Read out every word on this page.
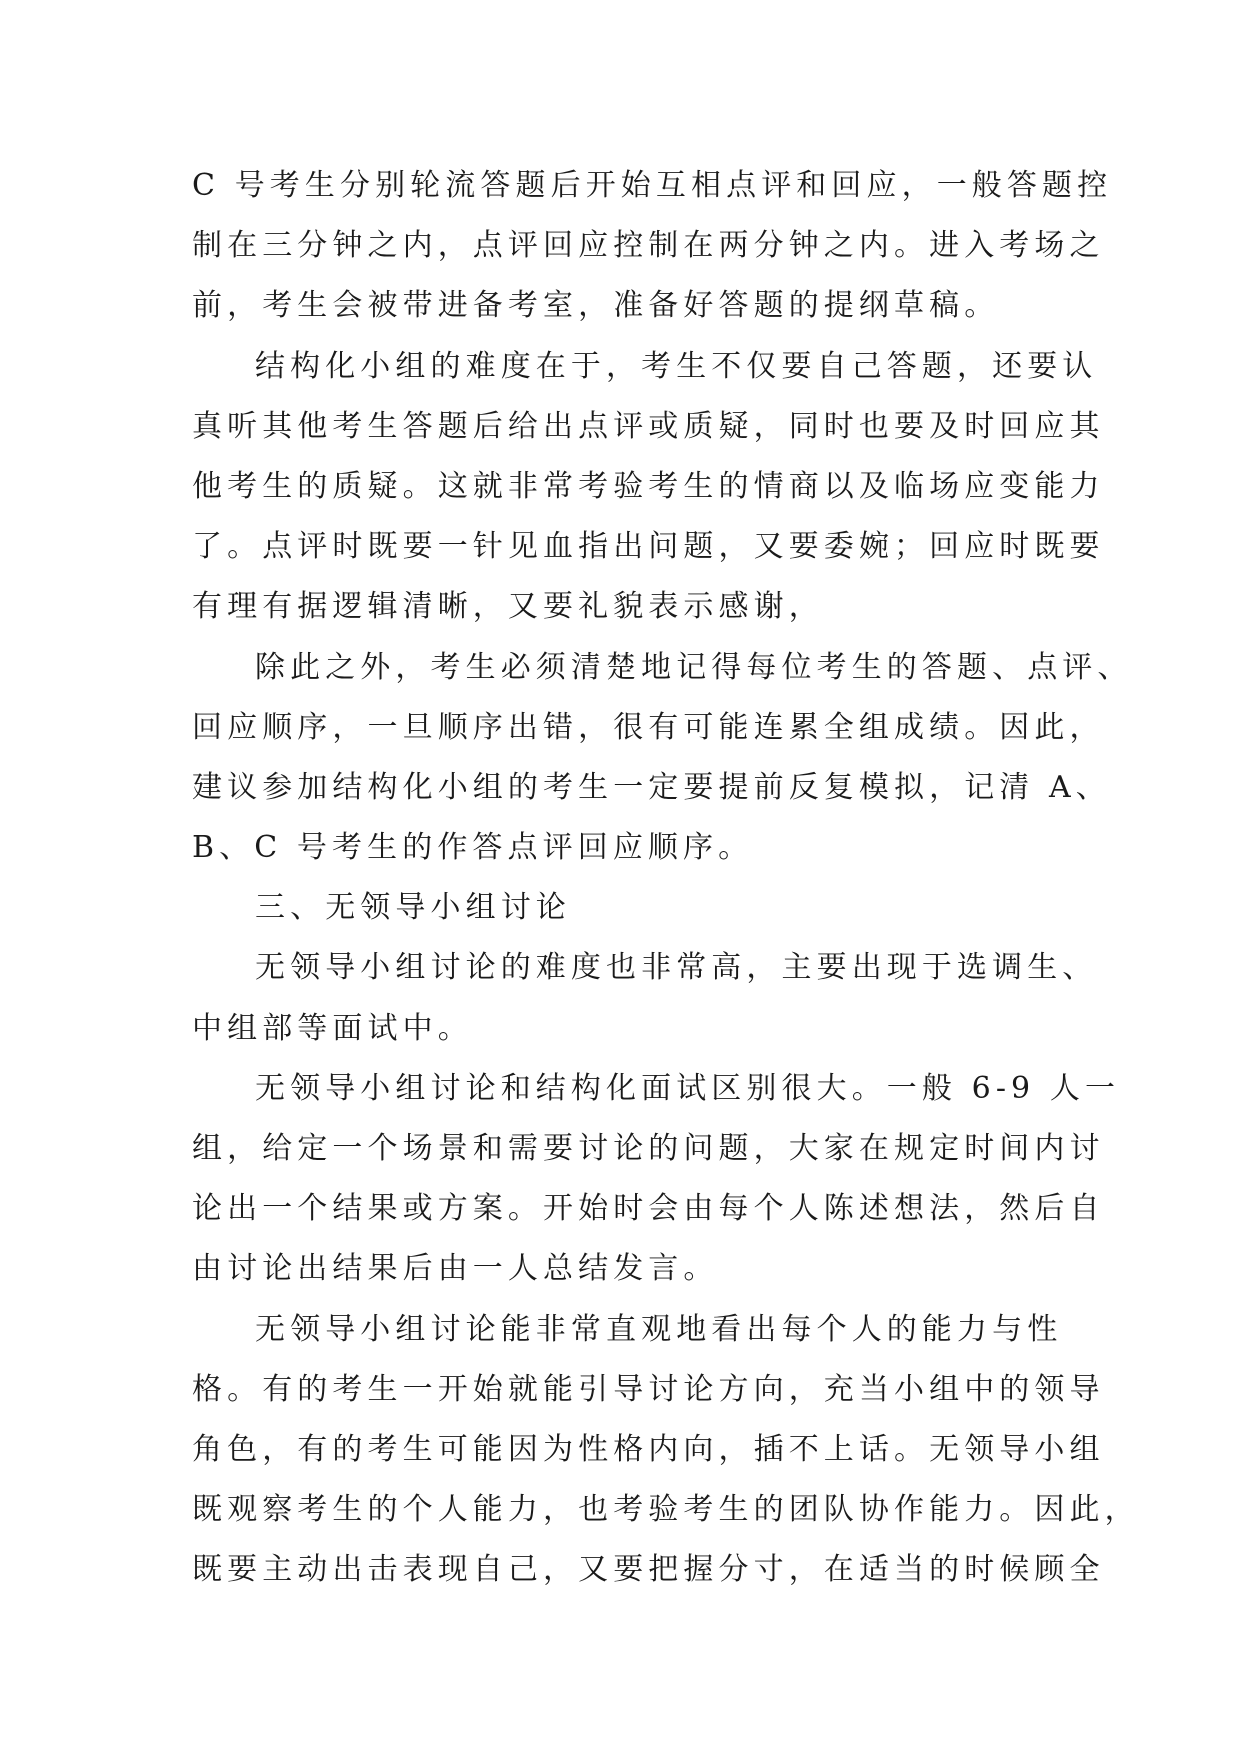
C 号考生分别轮流答题后开始互相点评和回应，一般答题控
制在三分钟之内，点评回应控制在两分钟之内。进入考场之
前，考生会被带进备考室，准备好答题的提纲草稿。

结构化小组的难度在于，考生不仅要自己答题，还要认
真听其他考生答题后给出点评或质疑，同时也要及时回应其
他考生的质疑。这就非常考验考生的情商以及临场应变能力
了。点评时既要一针见血指出问题，又要委婉；回应时既要
有理有据逻辑清晰，又要礼貌表示感谢，

除此之外，考生必须清楚地记得每位考生的答题、点评、
回应顺序，一旦顺序出错，很有可能连累全组成绩。因此，
建议参加结构化小组的考生一定要提前反复模拟，记清 A、
B、C 号考生的作答点评回应顺序。

三、无领导小组讨论

无领导小组讨论的难度也非常高，主要出现于选调生、
中组部等面试中。

无领导小组讨论和结构化面试区别很大。一般 6-9 人一
组，给定一个场景和需要讨论的问题，大家在规定时间内讨
论出一个结果或方案。开始时会由每个人陈述想法，然后自
由讨论出结果后由一人总结发言。

无领导小组讨论能非常直观地看出每个人的能力与性
格。有的考生一开始就能引导讨论方向，充当小组中的领导
角色，有的考生可能因为性格内向，插不上话。无领导小组
既观察考生的个人能力，也考验考生的团队协作能力。因此，
既要主动出击表现自己，又要把握分寸，在适当的时候顾全
